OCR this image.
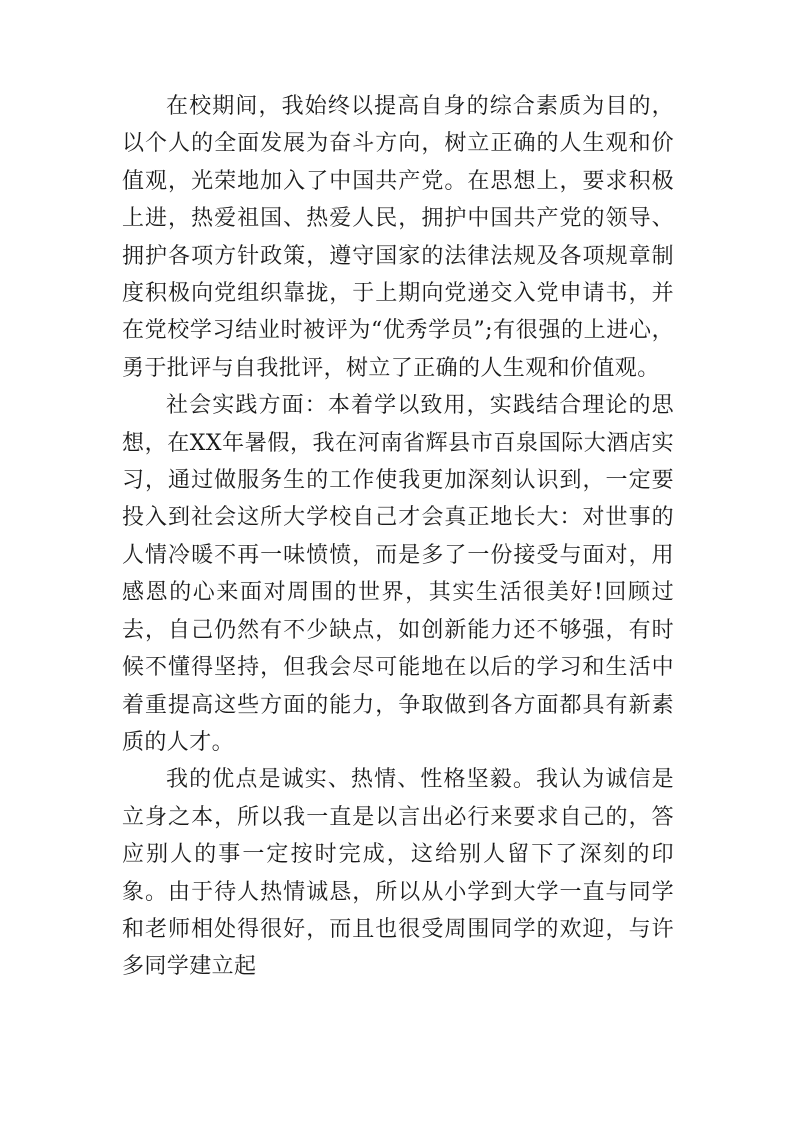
在校期间，我始终以提高自身的综合素质为目的，以个人的全面发展为奋斗方向，树立正确的人生观和价值观，光荣地加入了中国共产党。在思想上，要求积极上进，热爱祖国、热爱人民，拥护中国共产党的领导、拥护各项方针政策，遵守国家的法律法规及各项规章制度积极向党组织靠拢，于上期向党递交入党申请书，并在党校学习结业时被评为“优秀学员”;有很强的上进心，勇于批评与自我批评，树立了正确的人生观和价值观。

社会实践方面：本着学以致用，实践结合理论的思想，在XX年暑假，我在河南省辉县市百泉国际大酒店实习，通过做服务生的工作使我更加深刻认识到，一定要投入到社会这所大学校自己才会真正地长大：对世事的人情冷暖不再一味愤愤，而是多了一份接受与面对，用感恩的心来面对周围的世界，其实生活很美好!回顾过去，自己仍然有不少缺点，如创新能力还不够强，有时候不懂得坚持，但我会尽可能地在以后的学习和生活中着重提高这些方面的能力，争取做到各方面都具有新素质的人才。

我的优点是诚实、热情、性格坚毅。我认为诚信是立身之本，所以我一直是以言出必行来要求自己的，答应别人的事一定按时完成，这给别人留下了深刻的印象。由于待人热情诚恳，所以从小学到大学一直与同学和老师相处得很好，而且也很受周围同学的欢迎，与许多同学建立起
